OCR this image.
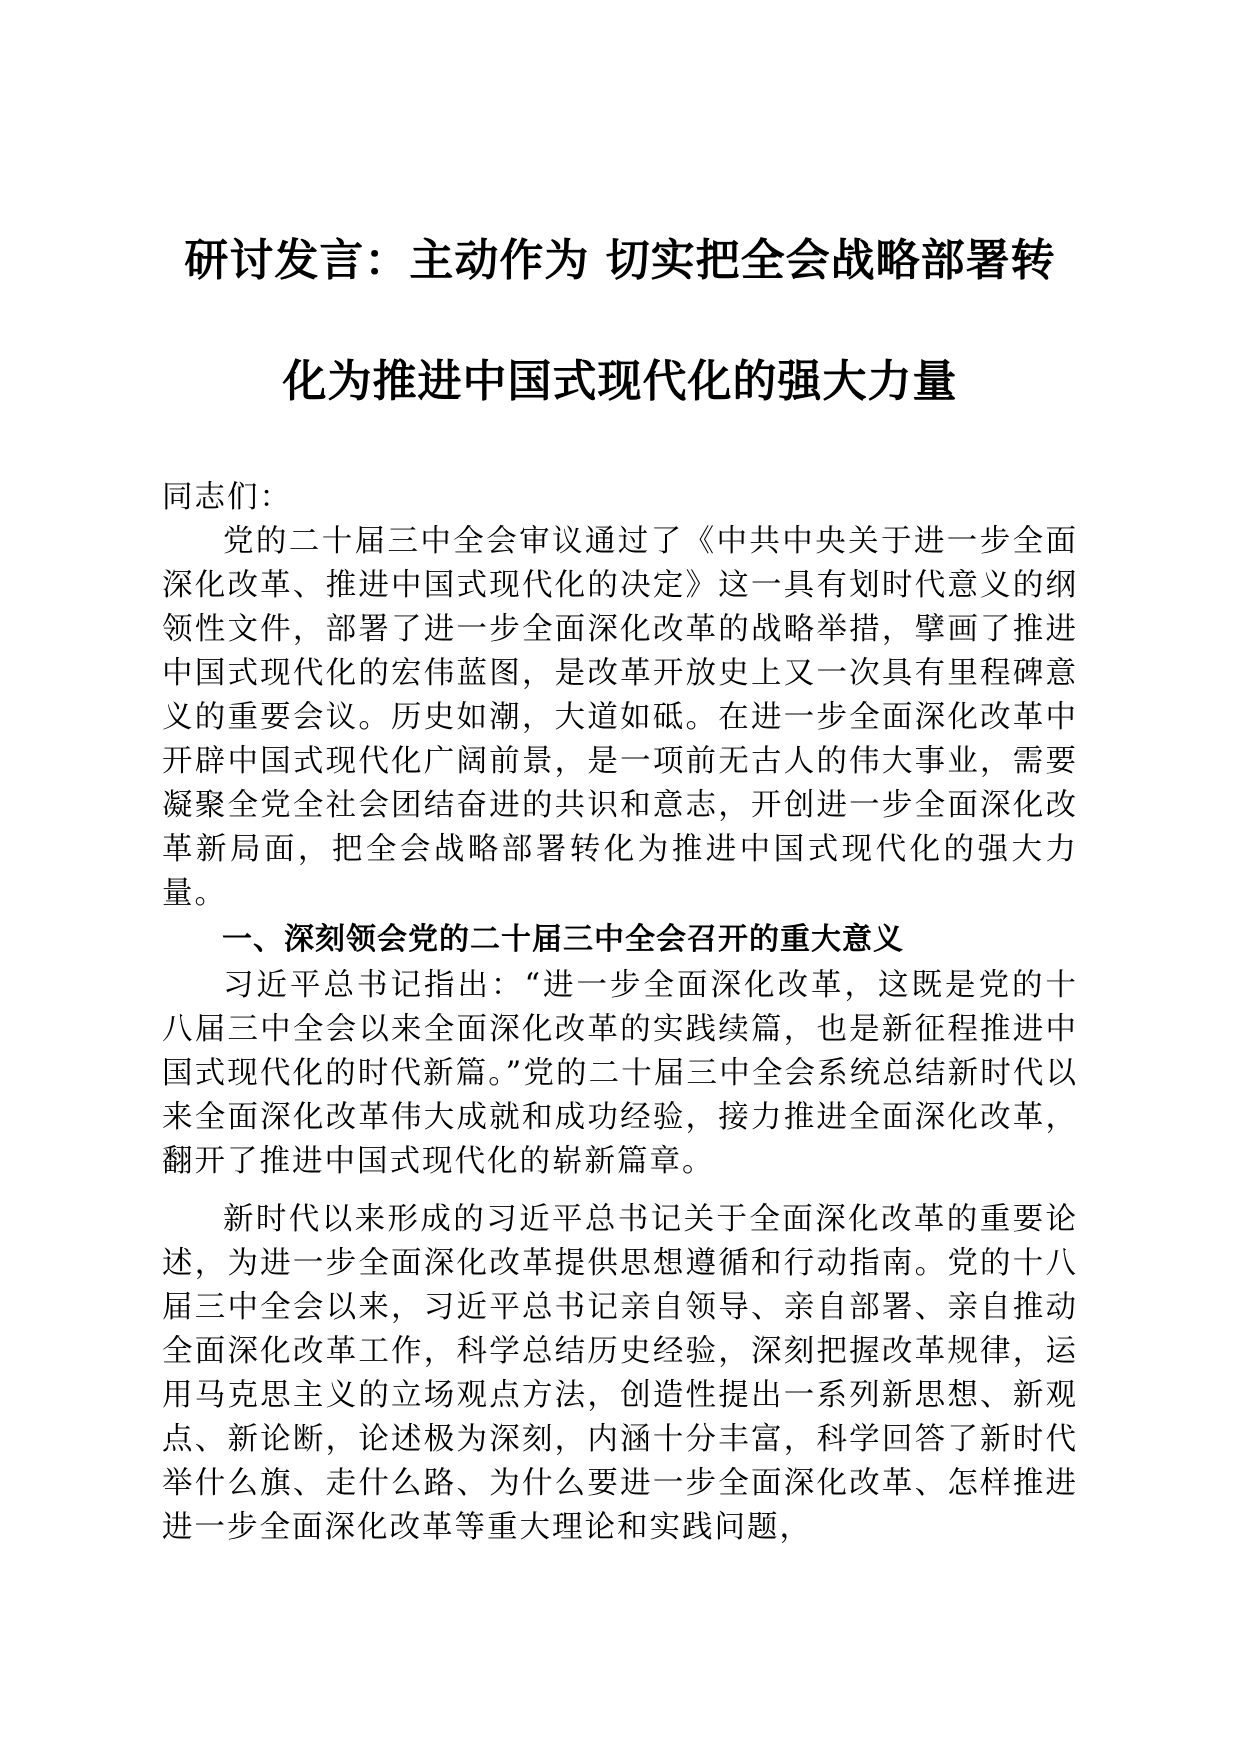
研讨发言：主动作为 切实把全会战略部署转
化为推进中国式现代化的强大力量

同志们：

党的二十届三中全会审议通过了《中共中央关于进一步全面深化改革、推进中国式现代化的决定》这一具有划时代意义的纲领性文件，部署了进一步全面深化改革的战略举措，擘画了推进中国式现代化的宏伟蓝图，是改革开放史上又一次具有里程碑意义的重要会议。历史如潮，大道如砥。在进一步全面深化改革中开辟中国式现代化广阔前景，是一项前无古人的伟大事业，需要凝聚全党全社会团结奋进的共识和意志，开创进一步全面深化改革新局面，把全会战略部署转化为推进中国式现代化的强大力量。

一、深刻领会党的二十届三中全会召开的重大意义

习近平总书记指出：“进一步全面深化改革，这既是党的十八届三中全会以来全面深化改革的实践续篇，也是新征程推进中国式现代化的时代新篇。”党的二十届三中全会系统总结新时代以来全面深化改革伟大成就和成功经验，接力推进全面深化改革，翻开了推进中国式现代化的崭新篇章。

新时代以来形成的习近平总书记关于全面深化改革的重要论述，为进一步全面深化改革提供思想遵循和行动指南。党的十八届三中全会以来，习近平总书记亲自领导、亲自部署、亲自推动全面深化改革工作，科学总结历史经验，深刻把握改革规律，运用马克思主义的立场观点方法，创造性提出一系列新思想、新观点、新论断，论述极为深刻，内涵十分丰富，科学回答了新时代举什么旗、走什么路、为什么要进一步全面深化改革、怎样推进进一步全面深化改革等重大理论和实践问题，
